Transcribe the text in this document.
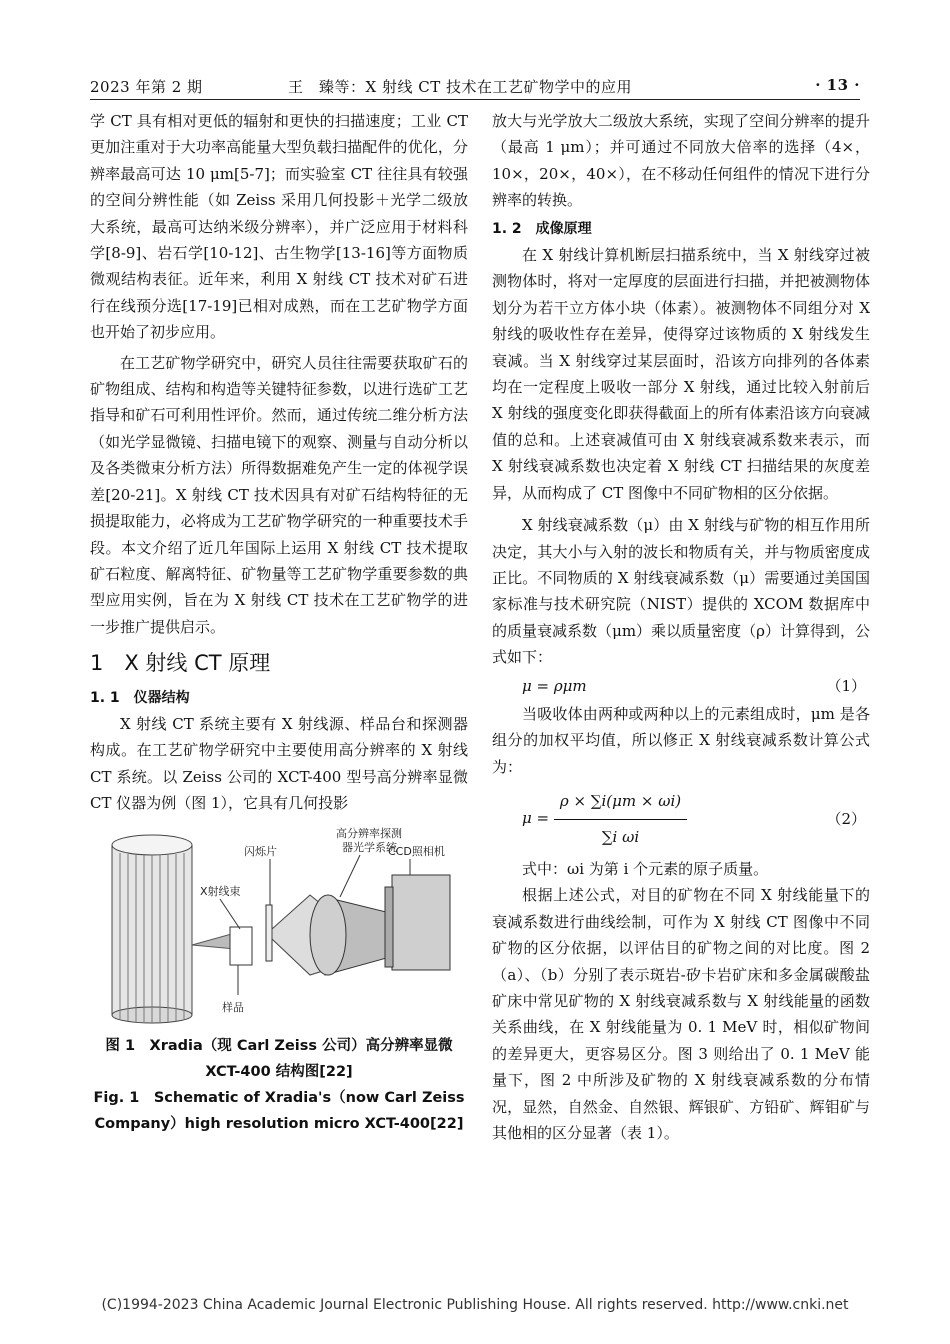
2023 年第 2 期	王　臻等：X 射线 CT 技术在工艺矿物学中的应用	· 13 ·

学 CT 具有相对更低的辐射和更快的扫描速度；工业 CT 更加注重对于大功率高能量大型负载扫描配件的优化，分辨率最高可达 10 μm[5-7]；而实验室 CT 往往具有较强的空间分辨性能（如 Zeiss 采用几何投影＋光学二级放大系统，最高可达纳米级分辨率），并广泛应用于材料科学[8-9]、岩石学[10-12]、古生物学[13-16]等方面物质微观结构表征。近年来，利用 X 射线 CT 技术对矿石进行在线预分选[17-19]已相对成熟，而在工艺矿物学方面也开始了初步应用。

在工艺矿物学研究中，研究人员往往需要获取矿石的矿物组成、结构和构造等关键特征参数，以进行选矿工艺指导和矿石可利用性评价。然而，通过传统二维分析方法（如光学显微镜、扫描电镜下的观察、测量与自动分析以及各类微束分析方法）所得数据难免产生一定的体视学误差[20-21]。X 射线 CT 技术因具有对矿石结构特征的无损提取能力，必将成为工艺矿物学研究的一种重要技术手段。本文介绍了近几年国际上运用 X 射线 CT 技术提取矿石粒度、解离特征、矿物量等工艺矿物学重要参数的典型应用实例，旨在为 X 射线 CT 技术在工艺矿物学的进一步推广提供启示。

1　X 射线 CT 原理
1. 1　仪器结构

X 射线 CT 系统主要有 X 射线源、样品台和探测器构成。在工艺矿物学研究中主要使用高分辨率的 X 射线 CT 系统。以 Zeiss 公司的 XCT-400 型号高分辨率显微 CT 仪器为例（图 1），它具有几何投影

高分辨率探测
器光学系统
闪烁片	CCD照相机
X射线束
样品
图 1　Xradia（现 Carl Zeiss 公司）高分辨率显微 XCT-400 结构图[22]
Fig. 1　Schematic of Xradia's（now Carl Zeiss Company）high resolution micro XCT-400[22]

放大与光学放大二级放大系统，实现了空间分辨率的提升（最高 1 μm）；并可通过不同放大倍率的选择（4×，10×，20×，40×），在不移动任何组件的情况下进行分辨率的转换。

1. 2　成像原理

在 X 射线计算机断层扫描系统中，当 X 射线穿过被测物体时，将对一定厚度的层面进行扫描，并把被测物体划分为若干立方体小块（体素）。被测物体不同组分对 X 射线的吸收性存在差异，使得穿过该物质的 X 射线发生衰减。当 X 射线穿过某层面时，沿该方向排列的各体素均在一定程度上吸收一部分 X 射线，通过比较入射前后 X 射线的强度变化即获得截面上的所有体素沿该方向衰减值的总和。上述衰减值可由 X 射线衰减系数来表示，而 X 射线衰减系数也决定着 X 射线 CT 扫描结果的灰度差异，从而构成了 CT 图像中不同矿物相的区分依据。

X 射线衰减系数（μ）由 X 射线与矿物的相互作用所决定，其大小与入射的波长和物质有关，并与物质密度成正比。不同物质的 X 射线衰减系数（μ）需要通过美国国家标准与技术研究院（NIST）提供的 XCOM 数据库中的质量衰减系数（μm）乘以质量密度（ρ）计算得到，公式如下：

μ = ρμm	（1）

当吸收体由两种或两种以上的元素组成时，μm 是各组分的加权平均值，所以修正 X 射线衰减系数计算公式为：

$\mu = \frac{\rho \times \sum i(\mu m \times \omega i)}{\text{∑i ωi}}$	（2）

式中：ωi 为第 i 个元素的原子质量。

根据上述公式，对目的矿物在不同 X 射线能量下的衰减系数进行曲线绘制，可作为 X 射线 CT 图像中不同矿物的区分依据，以评估目的矿物之间的对比度。图 2（a）、（b）分别了表示斑岩-矽卡岩矿床和多金属碳酸盐矿床中常见矿物的 X 射线衰减系数与 X 射线能量的函数关系曲线，在 X 射线能量为 0. 1 MeV 时，相似矿物间的差异更大，更容易区分。图 3 则给出了 0. 1 MeV 能量下，图 2 中所涉及矿物的 X 射线衰减系数的分布情况，显然，自然金、自然银、辉银矿、方铅矿、辉钼矿与其他相的区分显著（表 1）。

(C)1994-2023 China Academic Journal Electronic Publishing House. All rights reserved. http://www.cnki.net
